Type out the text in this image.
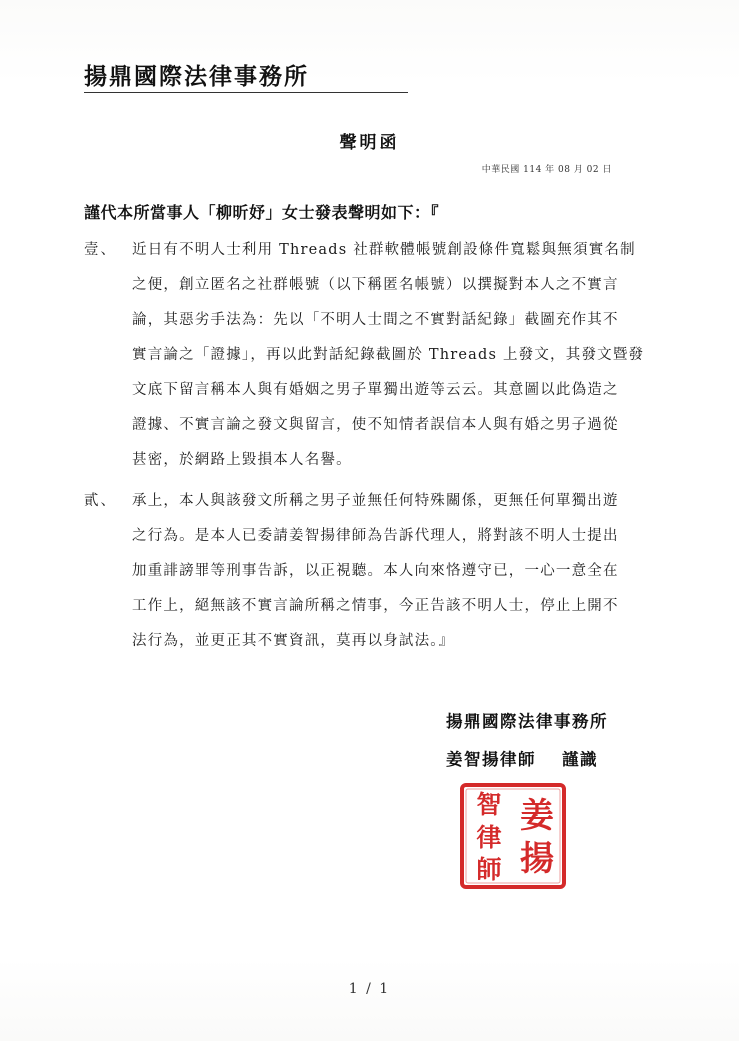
揚鼎國際法律事務所
聲明函
中華民國 114 年 08 月 02 日
謹代本所當事人「柳昕妤」女士發表聲明如下：『
壹、 近日有不明人士利用 Threads 社群軟體帳號創設條件寬鬆與無須實名制
之便，創立匿名之社群帳號（以下稱匿名帳號）以撰擬對本人之不實言
論，其惡劣手法為：先以「不明人士間之不實對話紀錄」截圖充作其不
實言論之「證據」，再以此對話紀錄截圖於 Threads 上發文，其發文暨發
文底下留言稱本人與有婚姻之男子單獨出遊等云云。其意圖以此偽造之
證據、不實言論之發文與留言，使不知情者誤信本人與有婚之男子過從
甚密，於網路上毀損本人名譽。
貳、 承上，本人與該發文所稱之男子並無任何特殊關係，更無任何單獨出遊
之行為。是本人已委請姜智揚律師為告訴代理人，將對該不明人士提出
加重誹謗罪等刑事告訴，以正視聽。本人向來恪遵守已，一心一意全在
工作上，絕無該不實言論所稱之情事，今正告該不明人士，停止上開不
法行為，並更正其不實資訊，莫再以身試法。』
揚鼎國際法律事務所
姜智揚律師 謹識
姜
揚
智
律
師
1 / 1
